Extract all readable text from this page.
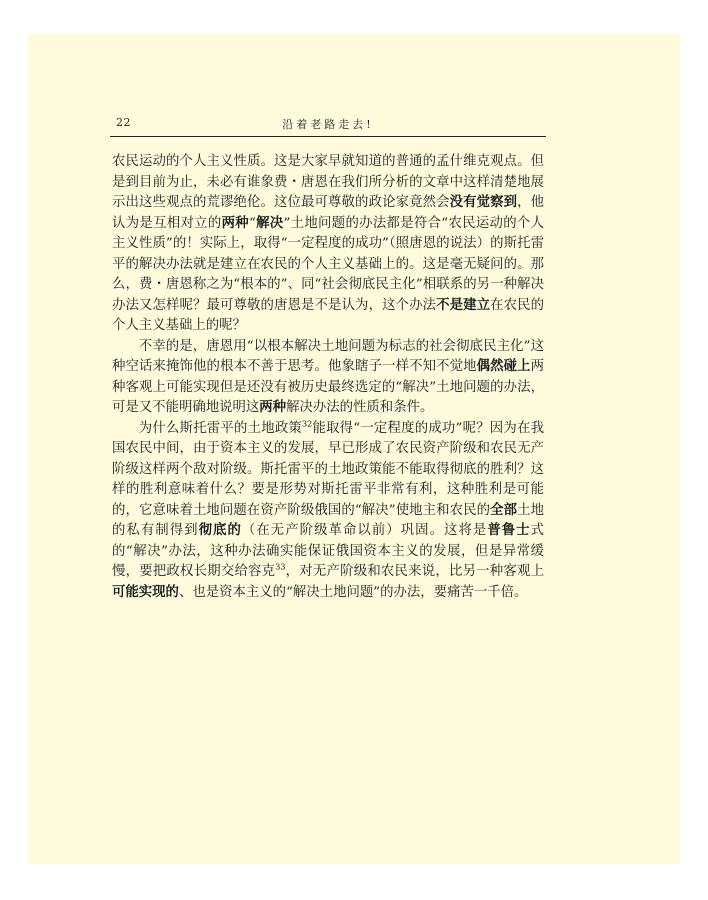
22	沿着老路走去!

农民运动的个人主义性质。这是大家早就知道的普通的孟什维克观点。但是到目前为止，未必有谁象费・唐恩在我们所分析的文章中这样清楚地展示出这些观点的荒谬绝伦。这位最可尊敬的政论家竟然会没有觉察到，他认为是互相对立的两种“解决”土地问题的办法都是符合“农民运动的个人主义性质”的！实际上，取得“一定程度的成功”（照唐恩的说法）的斯托雷平的解决办法就是建立在农民的个人主义基础上的。这是毫无疑问的。那么，费・唐恩称之为“根本的”、同“社会彻底民主化”相联系的另一种解决办法又怎样呢？最可尊敬的唐恩是不是认为，这个办法不是建立在农民的个人主义基础上的呢？

不幸的是，唐恩用“以根本解决土地问题为标志的社会彻底民主化”这种空话来掩饰他的根本不善于思考。他象瞎子一样不知不觉地偶然碰上两种客观上可能实现但是还没有被历史最终选定的“解决”土地问题的办法，可是又不能明确地说明这两种解决办法的性质和条件。

为什么斯托雷平的土地政策$^{32}$能取得“一定程度的成功”呢？因为在我国农民中间，由于资本主义的发展，早已形成了农民资产阶级和农民无产阶级这样两个敌对阶级。斯托雷平的土地政策能不能取得彻底的胜利？这样的胜利意味着什么？要是形势对斯托雷平非常有利，这种胜利是可能的，它意味着土地问题在资产阶级俄国的“解决”使地主和农民的全部土地的私有制得到彻底的（在无产阶级革命以前）巩固。这将是普鲁士式的“解决”办法，这种办法确实能保证俄国资本主义的发展，但是异常缓慢，要把政权长期交给容克$^{33}$，对无产阶级和农民来说，比另一种客观上可能实现的、也是资本主义的“解决土地问题”的办法，要痛苦一千倍。
